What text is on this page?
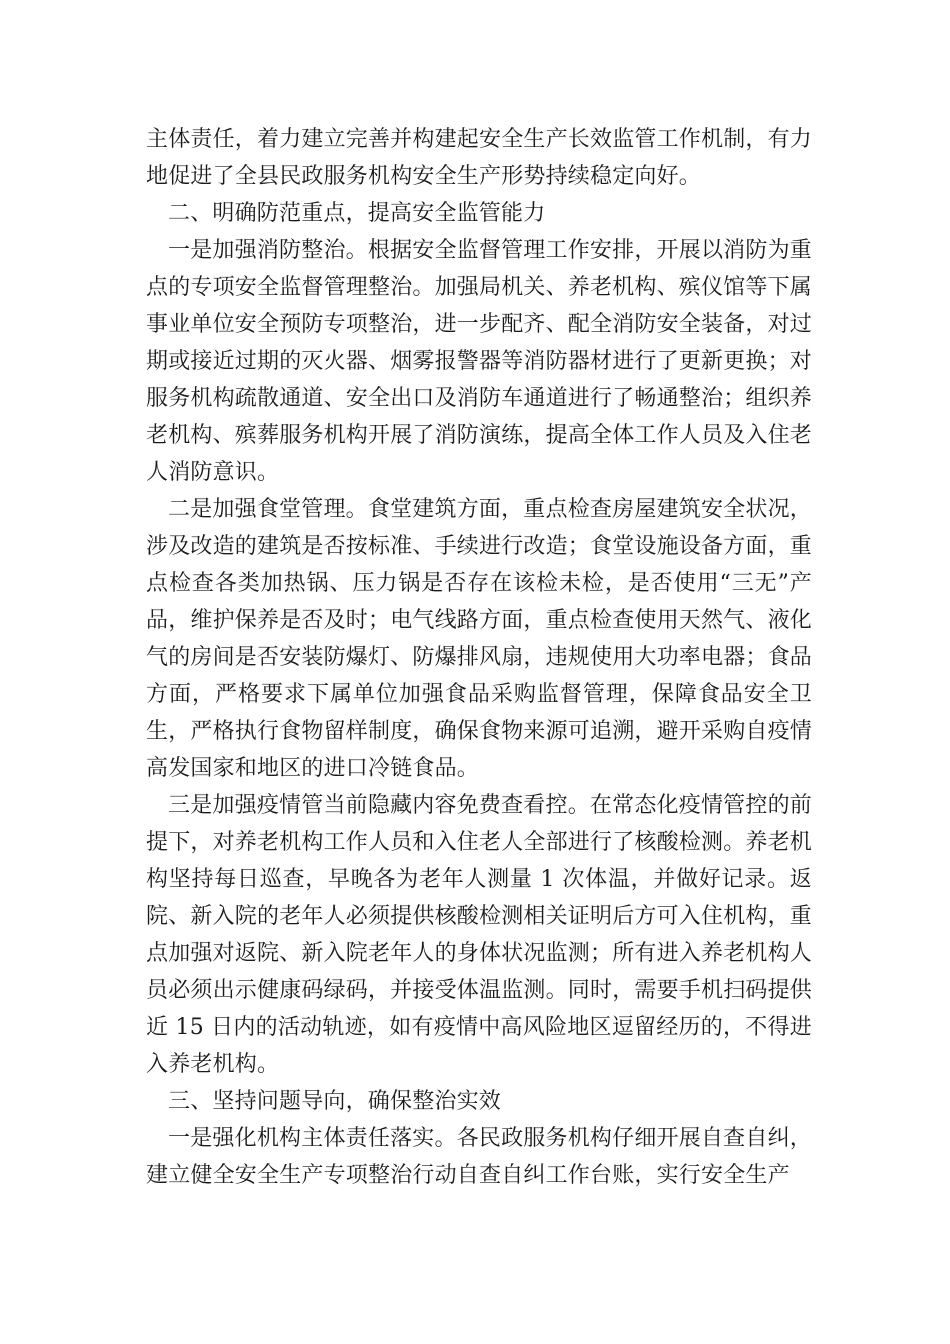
主体责任，着力建立完善并构建起安全生产长效监管工作机制，有力地促进了全县民政服务机构安全生产形势持续稳定向好。

二、明确防范重点，提高安全监管能力

一是加强消防整治。根据安全监督管理工作安排，开展以消防为重点的专项安全监督管理整治。加强局机关、养老机构、殡仪馆等下属事业单位安全预防专项整治，进一步配齐、配全消防安全装备，对过期或接近过期的灭火器、烟雾报警器等消防器材进行了更新更换；对服务机构疏散通道、安全出口及消防车通道进行了畅通整治；组织养老机构、殡葬服务机构开展了消防演练，提高全体工作人员及入住老人消防意识。

二是加强食堂管理。食堂建筑方面，重点检查房屋建筑安全状况，涉及改造的建筑是否按标准、手续进行改造；食堂设施设备方面，重点检查各类加热锅、压力锅是否存在该检未检，是否使用“三无”产品，维护保养是否及时；电气线路方面，重点检查使用天然气、液化气的房间是否安装防爆灯、防爆排风扇，违规使用大功率电器；食品方面，严格要求下属单位加强食品采购监督管理，保障食品安全卫生，严格执行食物留样制度，确保食物来源可追溯，避开采购自疫情高发国家和地区的进口冷链食品。

三是加强疫情管当前隐藏内容免费查看控。在常态化疫情管控的前提下，对养老机构工作人员和入住老人全部进行了核酸检测。养老机构坚持每日巡查，早晚各为老年人测量 1 次体温，并做好记录。返院、新入院的老年人必须提供核酸检测相关证明后方可入住机构，重点加强对返院、新入院老年人的身体状况监测；所有进入养老机构人员必须出示健康码绿码，并接受体温监测。同时，需要手机扫码提供近 15 日内的活动轨迹，如有疫情中高风险地区逗留经历的，不得进入养老机构。

三、坚持问题导向，确保整治实效

一是强化机构主体责任落实。各民政服务机构仔细开展自查自纠，建立健全安全生产专项整治行动自查自纠工作台账，实行安全生产
